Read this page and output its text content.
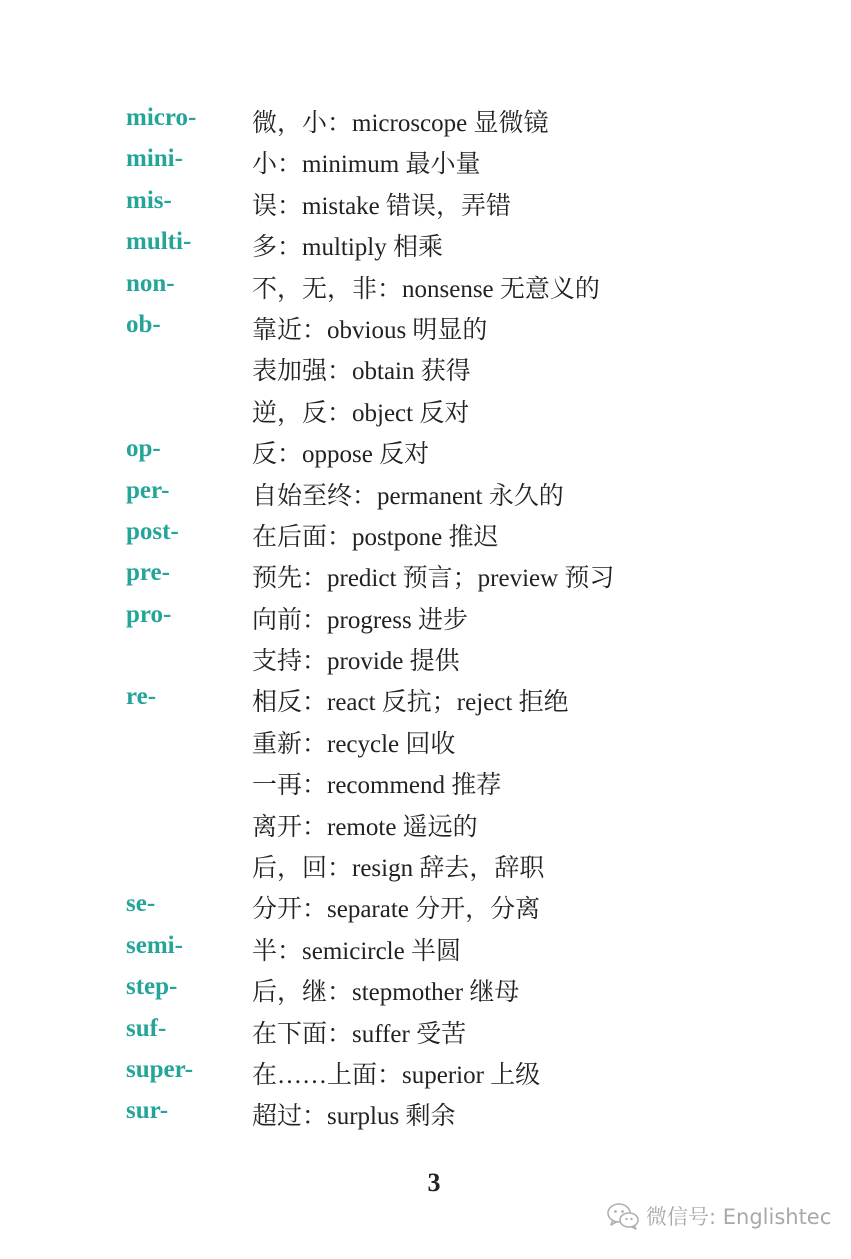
micro- 微，小：microscope 显微镜
mini-	小：minimum 最小量
mis-	误：mistake 错误，弄错
multi- 多：multiply 相乘
non-	不，无，非：nonsense 无意义的
ob-	靠近：obvious 明显的
表加强：obtain 获得
逆，反：object 反对
op-	反：oppose 反对
per-	自始至终：permanent 永久的
post-	在后面：postpone 推迟
pre-	预先：predict 预言；preview 预习
pro-	向前：progress 进步
支持：provide 提供
re-	相反：react 反抗；reject 拒绝
重新：recycle 回收
一再：recommend 推荐
离开：remote 遥远的
后，回：resign 辞去，辞职
se-	分开：separate 分开，分离
semi-	半：semicircle 半圆
step-	后，继：stepmother 继母
suf-	在下面：suffer 受苦
super- 在……上面：superior 上级
sur-	超过：surplus 剩余
3
微信号: Englishtec
